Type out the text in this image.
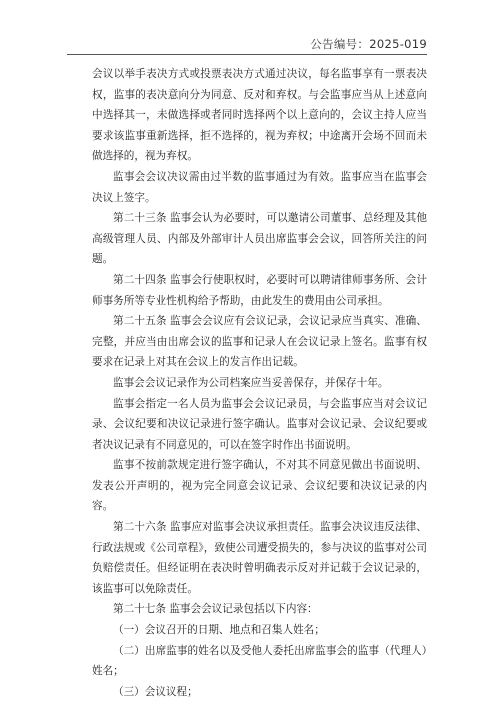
公告编号：2025-019

会议以举手表决方式或投票表决方式通过决议，每名监事享有一票表决权，监事的表决意向分为同意、反对和弃权。与会监事应当从上述意向中选择其一，未做选择或者同时选择两个以上意向的，会议主持人应当要求该监事重新选择，拒不选择的，视为弃权；中途离开会场不回而未做选择的，视为弃权。

监事会会议决议需由过半数的监事通过为有效。监事应当在监事会决议上签字。

第二十三条 监事会认为必要时，可以邀请公司董事、总经理及其他高级管理人员、内部及外部审计人员出席监事会会议，回答所关注的问题。

第二十四条 监事会行使职权时，必要时可以聘请律师事务所、会计师事务所等专业性机构给予帮助，由此发生的费用由公司承担。

第二十五条 监事会会议应有会议记录，会议记录应当真实、准确、完整，并应当由出席会议的监事和记录人在会议记录上签名。监事有权要求在记录上对其在会议上的发言作出记载。

监事会会议记录作为公司档案应当妥善保存，并保存十年。

监事会指定一名人员为监事会会议记录员，与会监事应当对会议记录、会议纪要和决议记录进行签字确认。监事对会议记录、会议纪要或者决议记录有不同意见的，可以在签字时作出书面说明。

监事不按前款规定进行签字确认，不对其不同意见做出书面说明、发表公开声明的，视为完全同意会议记录、会议纪要和决议记录的内容。

第二十六条 监事应对监事会决议承担责任。监事会决议违反法律、行政法规或《公司章程》，致使公司遭受损失的，参与决议的监事对公司负赔偿责任。但经证明在表决时曾明确表示反对并记载于会议记录的，该监事可以免除责任。

第二十七条 监事会会议记录包括以下内容：

（一）会议召开的日期、地点和召集人姓名；

（二）出席监事的姓名以及受他人委托出席监事会的监事（代理人）姓名；

（三）会议议程；
